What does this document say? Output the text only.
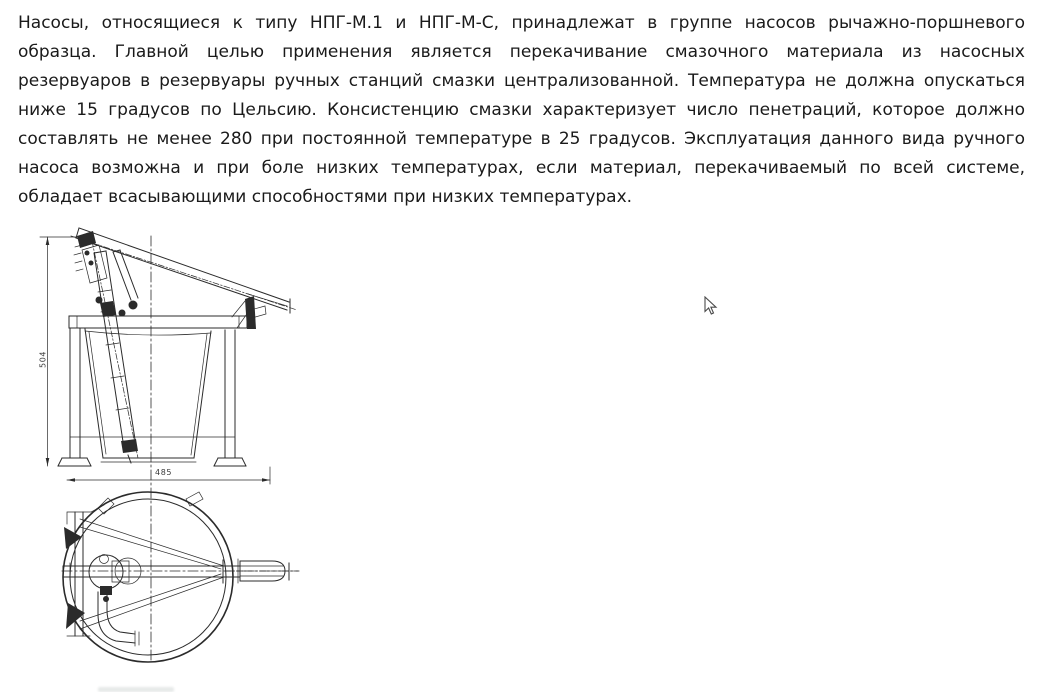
Насосы, относящиеся к типу НПГ-М.1 и НПГ-М-С, принадлежат в группе насосов рычажно-поршневого образца. Главной целью применения является перекачивание смазочного материала из насосных резервуаров в резервуары ручных станций смазки централизованной. Температура не должна опускаться ниже 15 градусов по Цельсию. Консистенцию смазки характеризует число пенетраций, которое должно составлять не менее 280 при постоянной температуре в 25 градусов. Эксплуатация данного вида ручного насоса возможна и при боле низких температурах, если материал, перекачиваемый по всей системе, обладает всасывающими способностями при низких температурах.

504
485
